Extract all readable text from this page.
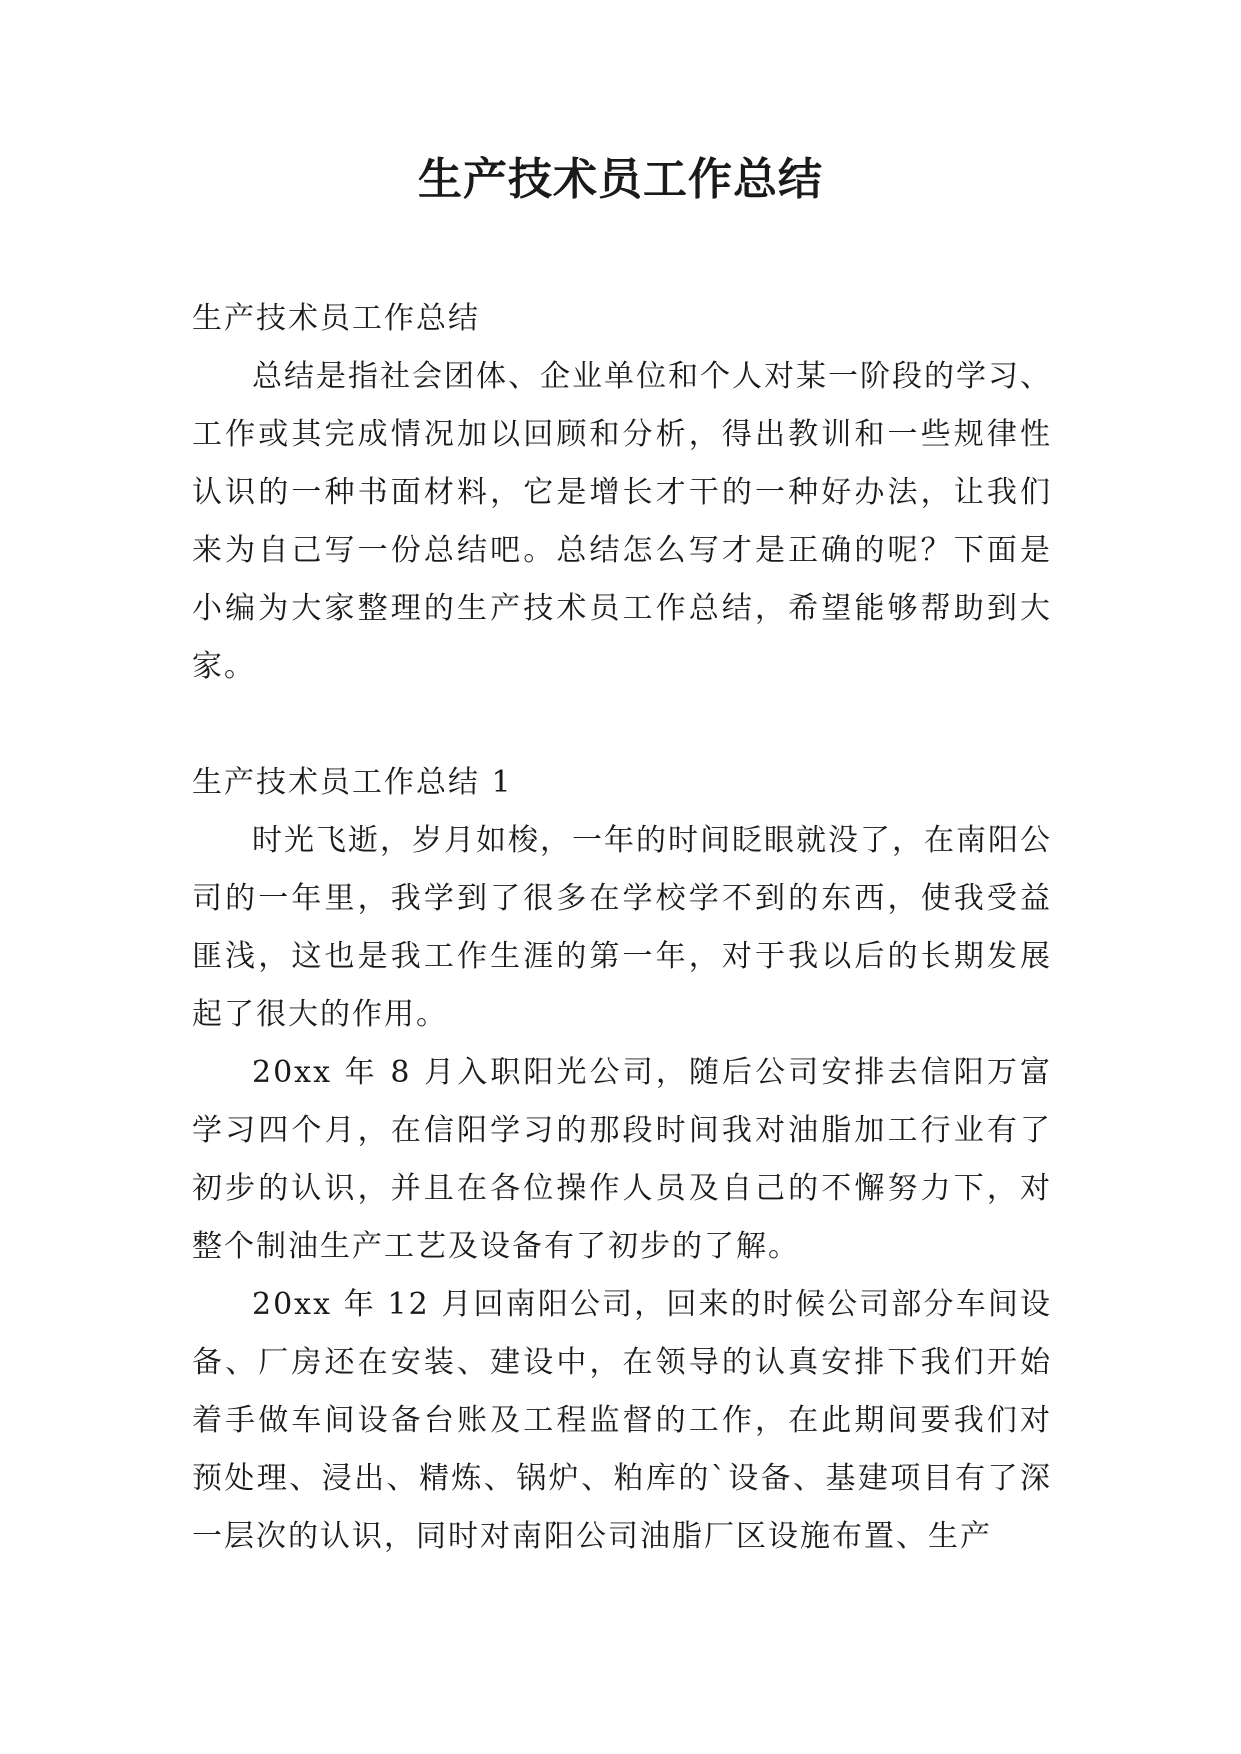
生产技术员工作总结

生产技术员工作总结

总结是指社会团体、企业单位和个人对某一阶段的学习、工作或其完成情况加以回顾和分析，得出教训和一些规律性认识的一种书面材料，它是增长才干的一种好办法，让我们来为自己写一份总结吧。总结怎么写才是正确的呢？下面是小编为大家整理的生产技术员工作总结，希望能够帮助到大家。

生产技术员工作总结 1

时光飞逝，岁月如梭，一年的时间眨眼就没了，在南阳公司的一年里，我学到了很多在学校学不到的东西，使我受益匪浅，这也是我工作生涯的第一年，对于我以后的长期发展起了很大的作用。

20xx 年 8 月入职阳光公司，随后公司安排去信阳万富学习四个月，在信阳学习的那段时间我对油脂加工行业有了初步的认识，并且在各位操作人员及自己的不懈努力下，对整个制油生产工艺及设备有了初步的了解。

20xx 年 12 月回南阳公司，回来的时候公司部分车间设备、厂房还在安装、建设中，在领导的认真安排下我们开始着手做车间设备台账及工程监督的工作，在此期间要我们对预处理、浸出、精炼、锅炉、粕库的`设备、基建项目有了深一层次的认识，同时对南阳公司油脂厂区设施布置、生产
